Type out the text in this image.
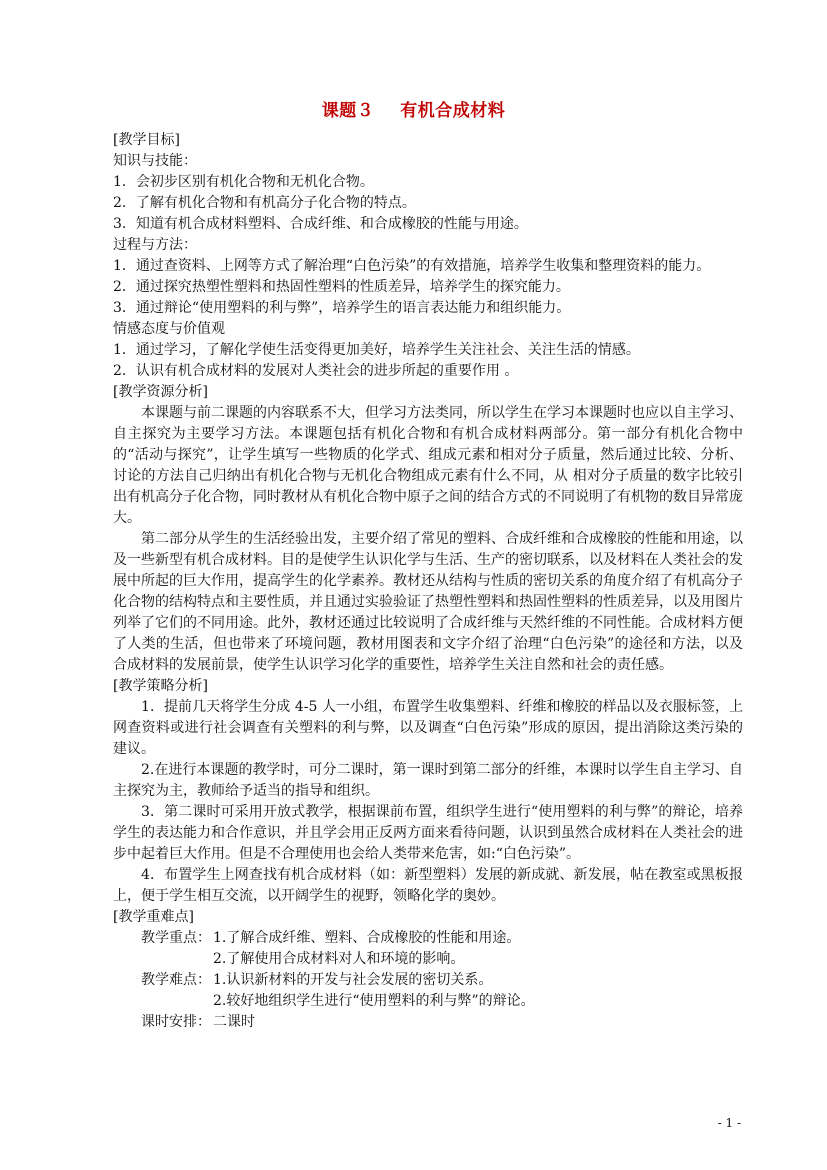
课题３ 有机合成材料
[教学目标]
知识与技能：
1．会初步区别有机化合物和无机化合物。
2．了解有机化合物和有机高分子化合物的特点。
3．知道有机合成材料塑料、合成纤维、和合成橡胶的性能与用途。
过程与方法：
1．通过查资料、上网等方式了解治理“白色污染”的有效措施，培养学生收集和整理资料的能力。
2．通过探究热塑性塑料和热固性塑料的性质差异，培养学生的探究能力。
3．通过辩论“使用塑料的利与弊”，培养学生的语言表达能力和组织能力。
情感态度与价值观
1．通过学习，了解化学使生活变得更加美好，培养学生关注社会、关注生活的情感。
2．认识有机合成材料的发展对人类社会的进步所起的重要作用 。
[教学资源分析]
本课题与前二课题的内容联系不大，但学习方法类同，所以学生在学习本课题时也应以自主学习、自主探究为主要学习方法。本课题包括有机化合物和有机合成材料两部分。第一部分有机化合物中的“活动与探究”，让学生填写一些物质的化学式、组成元素和相对分子质量，然后通过比较、分析、讨论的方法自己归纳出有机化合物与无机化合物组成元素有什么不同，从 相对分子质量的数字比较引出有机高分子化合物，同时教材从有机化合物中原子之间的结合方式的不同说明了有机物的数目异常庞大。
第二部分从学生的生活经验出发，主要介绍了常见的塑料、合成纤维和合成橡胶的性能和用途，以及一些新型有机合成材料。目的是使学生认识化学与生活、生产的密切联系，以及材料在人类社会的发展中所起的巨大作用，提高学生的化学素养。教材还从结构与性质的密切关系的角度介绍了有机高分子化合物的结构特点和主要性质，并且通过实验验证了热塑性塑料和热固性塑料的性质差异，以及用图片列举了它们的不同用途。此外，教材还通过比较说明了合成纤维与天然纤维的不同性能。合成材料方便了人类的生活，但也带来了环境问题，教材用图表和文字介绍了治理“白色污染”的途径和方法，以及合成材料的发展前景，使学生认识学习化学的重要性，培养学生关注自然和社会的责任感。
[教学策略分析]
1．提前几天将学生分成 4-5 人一小组，布置学生收集塑料、纤维和橡胶的样品以及衣服标签，上网查资料或进行社会调查有关塑料的利与弊，以及调查“白色污染”形成的原因，提出消除这类污染的建议。
2.在进行本课题的教学时，可分二课时，第一课时到第二部分的纤维，本课时以学生自主学习、自主探究为主，教师给予适当的指导和组织。
3．第二课时可采用开放式教学，根据课前布置，组织学生进行“使用塑料的利与弊”的辩论，培养学生的表达能力和合作意识，并且学会用正反两方面来看待问题，认识到虽然合成材料在人类社会的进步中起着巨大作用。但是不合理使用也会给人类带来危害，如:“白色污染”。
4．布置学生上网查找有机合成材料（如：新型塑料）发展的新成就、新发展，帖在教室或黑板报上，便于学生相互交流，以开阔学生的视野，领略化学的奥妙。
[教学重难点]
教学重点： 1.了解合成纤维、塑料、合成橡胶的性能和用途。
2.了解使用合成材料对人和环境的影响。
教学难点： 1.认识新材料的开发与社会发展的密切关系。
2.较好地组织学生进行“使用塑料的利与弊”的辩论。
课时安排： 二课时
- 1 -
